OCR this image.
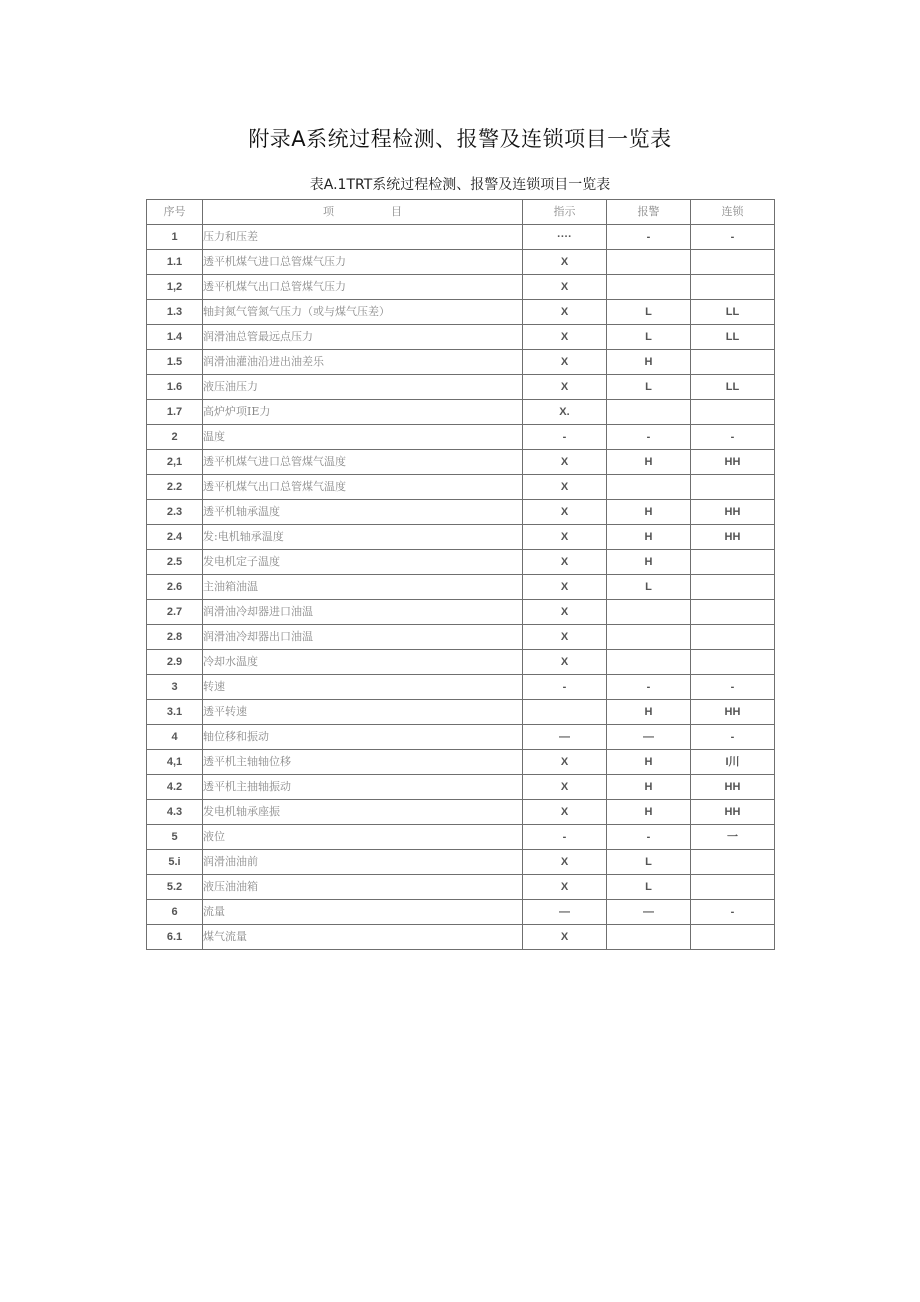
附录A系统过程检测、报警及连锁项目一览表
表A.1TRT系统过程检测、报警及连锁项目一览表
序号	项 目	指示	报警	连锁
1	压力和压差	····	-	-
1.1	透平机煤气进口总管煤气压力	X		
1,2	透平机煤气出口总管煤气压力	X		
1.3	轴封氮气管氮气压力（或与煤气压差）	X	L	LL
1.4	润滑油总管最远点压力	X	L	LL
1.5	润滑油灌油沿进出油差乐	X	H	
1.6	液压油压力	X	L	LL
1.7	高炉炉项IE力	X.		
2	温度	-	-	-
2,1	透平机煤气进口总管煤气温度	X	H	HH
2.2	透平机煤气出口总管煤气温度	X		
2.3	透平机轴承温度	X	H	HH
2.4	发:电机轴承温度	X	H	HH
2.5	发电机定子温度	X	H	
2.6	主油箱油温	X	L	
2.7	润滑油冷却器进口油温	X		
2.8	润滑油冷却器出口油温	X		
2.9	冷却水温度	X		
3	转速	-	-	-
3.1	透平转速		H	HH
4	轴位移和振动	—	—	-
4,1	透平机主轴轴位移	X	H	I川
4.2	透平机主抽轴振动	X	H	HH
4.3	发电机轴承座振	X	H	HH
5	液位	-	-	一
5.i	润滑油油前	X	L	
5.2	液压油油箱	X	L	
6	流量	—	—	-
6.1	煤气流量	X		
